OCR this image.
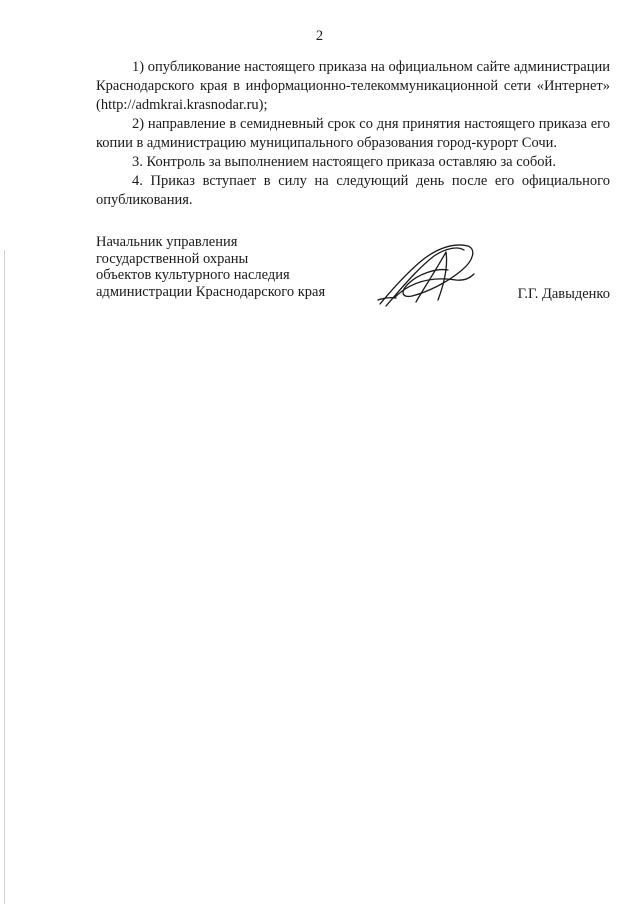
2

1) опубликование настоящего приказа на официальном сайте администрации Краснодарского края в информационно-телекоммуникационной сети «Интернет» (http://admkrai.krasnodar.ru);

2) направление в семидневный срок со дня принятия настоящего приказа его копии в администрацию муниципального образования город-курорт Сочи.

3. Контроль за выполнением настоящего приказа оставляю за собой.

4. Приказ вступает в силу на следующий день после его официального опубликования.

Начальник управления
государственной охраны
объектов культурного наследия
администрации Краснодарского края	Г.Г. Давыденко
